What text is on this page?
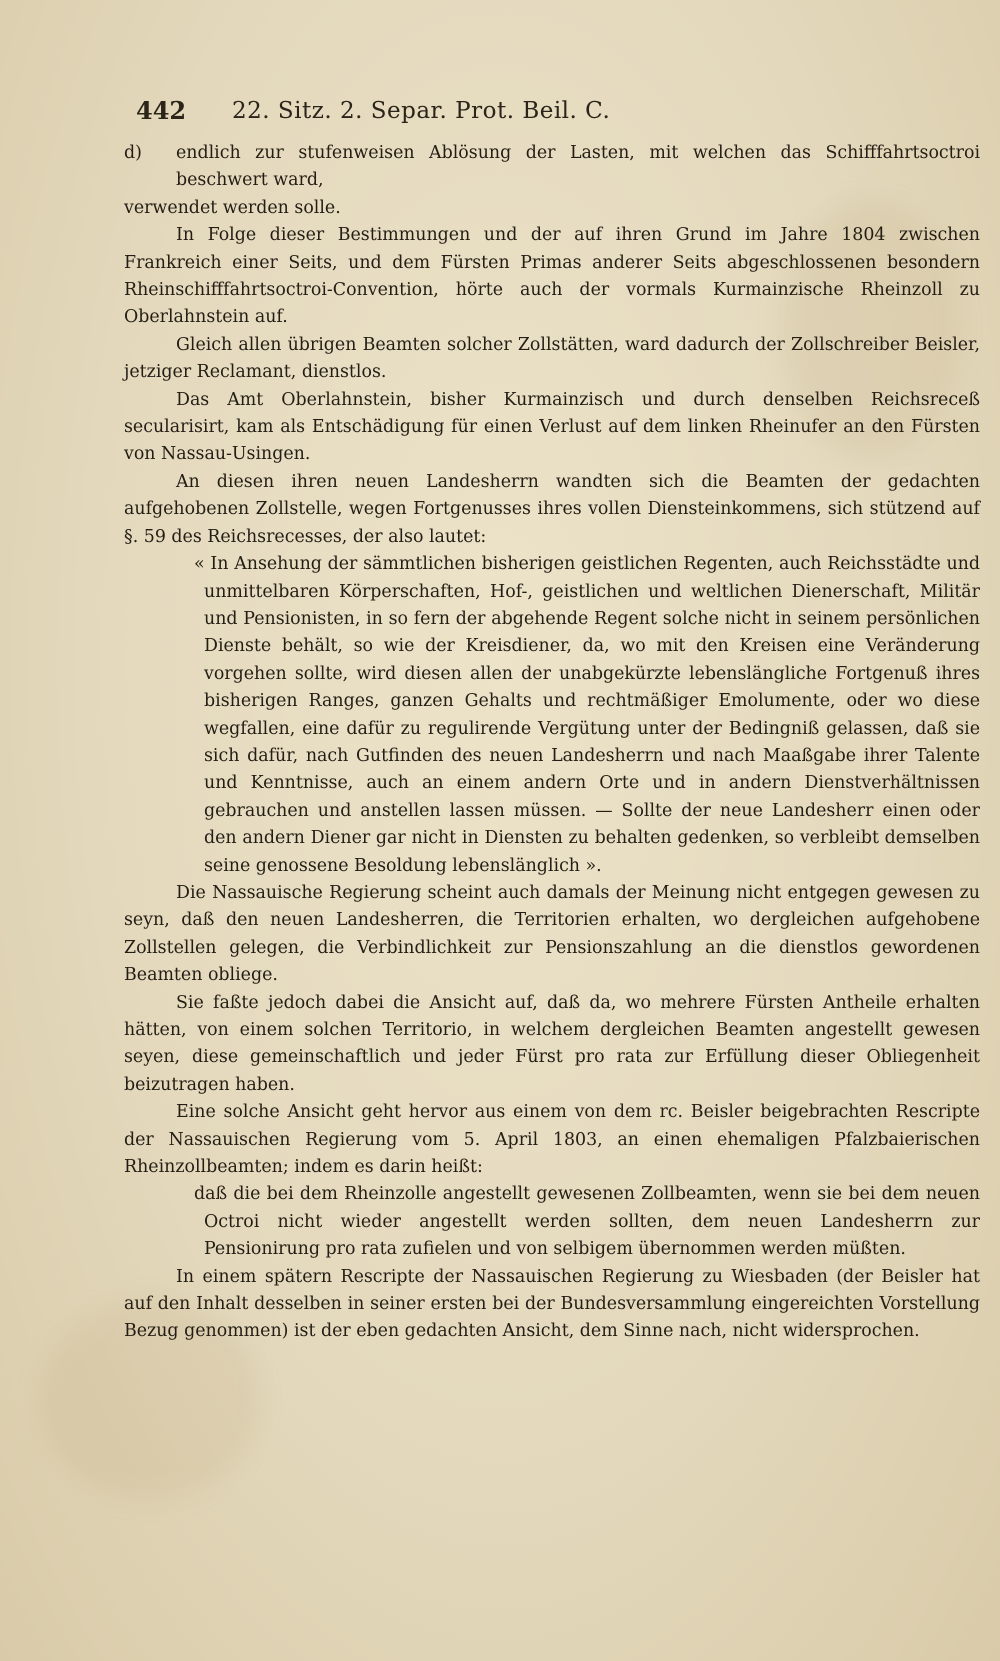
442 22. Sitz. 2. Separ. Prot. Beil. C.

d) endlich zur stufenweisen Ablösung der Lasten, mit welchen das Schifffahrtsoctroi beschwert ward,

verwendet werden solle.

In Folge dieser Bestimmungen und der auf ihren Grund im Jahre 1804 zwischen Frankreich einer Seits, und dem Fürsten Primas anderer Seits abgeschlossenen besondern Rheinschifffahrtsoctroi-Convention, hörte auch der vormals Kurmainzische Rheinzoll zu Oberlahnstein auf.

Gleich allen übrigen Beamten solcher Zollstätten, ward dadurch der Zollschreiber Beisler, jetziger Reclamant, dienstlos.

Das Amt Oberlahnstein, bisher Kurmainzisch und durch denselben Reichsreceß secularisirt, kam als Entschädigung für einen Verlust auf dem linken Rheinufer an den Fürsten von Nassau-Usingen.

An diesen ihren neuen Landesherrn wandten sich die Beamten der gedachten aufgehobenen Zollstelle, wegen Fortgenusses ihres vollen Diensteinkommens, sich stützend auf §. 59 des Reichsrecesses, der also lautet:

« In Ansehung der sämmtlichen bisherigen geistlichen Regenten, auch Reichsstädte und unmittelbaren Körperschaften, Hof-, geistlichen und weltlichen Dienerschaft, Militär und Pensionisten, in so fern der abgehende Regent solche nicht in seinem persönlichen Dienste behält, so wie der Kreisdiener, da, wo mit den Kreisen eine Veränderung vorgehen sollte, wird diesen allen der unabgekürzte lebenslängliche Fortgenuß ihres bisherigen Ranges, ganzen Gehalts und rechtmäßiger Emolumente, oder wo diese wegfallen, eine dafür zu regulirende Vergütung unter der Bedingniß gelassen, daß sie sich dafür, nach Gutfinden des neuen Landesherrn und nach Maaßgabe ihrer Talente und Kenntnisse, auch an einem andern Orte und in andern Dienstverhältnissen gebrauchen und anstellen lassen müssen. — Sollte der neue Landesherr einen oder den andern Diener gar nicht in Diensten zu behalten gedenken, so verbleibt demselben seine genossene Besoldung lebenslänglich ».

Die Nassauische Regierung scheint auch damals der Meinung nicht entgegen gewesen zu seyn, daß den neuen Landesherren, die Territorien erhalten, wo dergleichen aufgehobene Zollstellen gelegen, die Verbindlichkeit zur Pensionszahlung an die dienstlos gewordenen Beamten obliege.

Sie faßte jedoch dabei die Ansicht auf, daß da, wo mehrere Fürsten Antheile erhalten hätten, von einem solchen Territorio, in welchem dergleichen Beamten angestellt gewesen seyen, diese gemeinschaftlich und jeder Fürst pro rata zur Erfüllung dieser Obliegenheit beizutragen haben.

Eine solche Ansicht geht hervor aus einem von dem rc. Beisler beigebrachten Rescripte der Nassauischen Regierung vom 5. April 1803, an einen ehemaligen Pfalzbaierischen Rheinzollbeamten; indem es darin heißt:

daß die bei dem Rheinzolle angestellt gewesenen Zollbeamten, wenn sie bei dem neuen Octroi nicht wieder angestellt werden sollten, dem neuen Landesherrn zur Pensionirung pro rata zufielen und von selbigem übernommen werden müßten.

In einem spätern Rescripte der Nassauischen Regierung zu Wiesbaden (der Beisler hat auf den Inhalt desselben in seiner ersten bei der Bundesversammlung eingereichten Vorstellung Bezug genommen) ist der eben gedachten Ansicht, dem Sinne nach, nicht widersprochen.
